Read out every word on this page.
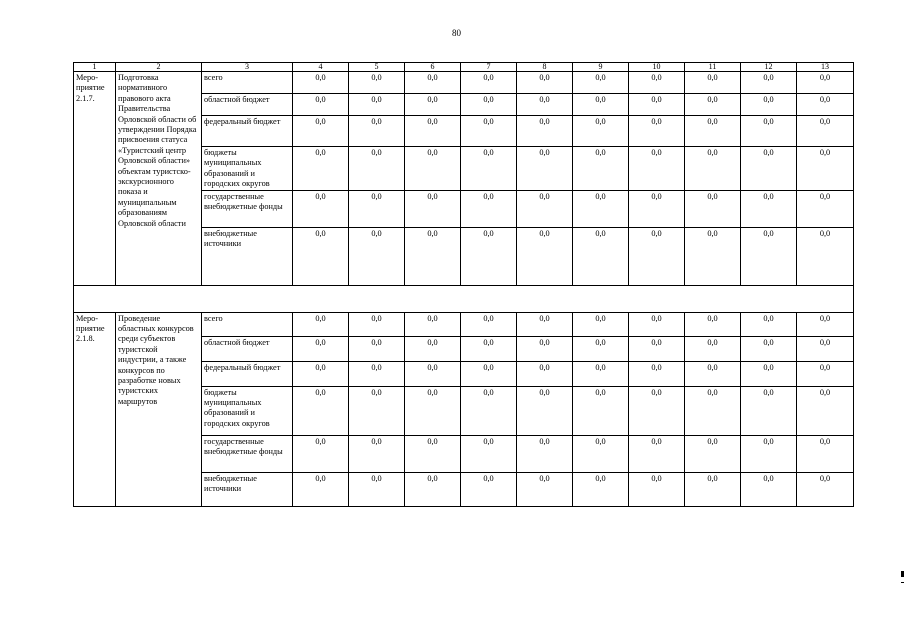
80
1	2	3	4	5	6	7	8	9	10	11	12	13
Меро-приятие 2.1.7.	Подготовка нормативного правового акта Правительства Орловской области об утверждении Порядка присвоения статуса «Туристский центр Орловской области» объектам туристско-экскурсионного показа и муниципальным образованиям Орловской области	всего	0,0	0,0	0,0	0,0	0,0	0,0	0,0	0,0	0,0	0,0
		областной бюджет	0,0	0,0	0,0	0,0	0,0	0,0	0,0	0,0	0,0	0,0
		федеральный бюджет	0,0	0,0	0,0	0,0	0,0	0,0	0,0	0,0	0,0	0,0
		бюджеты муниципальных образований и городских округов	0,0	0,0	0,0	0,0	0,0	0,0	0,0	0,0	0,0	0,0
		государственные внебюджетные фонды	0,0	0,0	0,0	0,0	0,0	0,0	0,0	0,0	0,0	0,0
		внебюджетные источники	0,0	0,0	0,0	0,0	0,0	0,0	0,0	0,0	0,0	0,0

Меро-приятие 2.1.8.	Проведение областных конкурсов среди субъектов туристской индустрии, а также конкурсов по разработке новых туристских маршрутов	всего	0,0	0,0	0,0	0,0	0,0	0,0	0,0	0,0	0,0	0,0
		областной бюджет	0,0	0,0	0,0	0,0	0,0	0,0	0,0	0,0	0,0	0,0
		федеральный бюджет	0,0	0,0	0,0	0,0	0,0	0,0	0,0	0,0	0,0	0,0
		бюджеты муниципальных образований и городских округов	0,0	0,0	0,0	0,0	0,0	0,0	0,0	0,0	0,0	0,0
		государственные внебюджетные фонды	0,0	0,0	0,0	0,0	0,0	0,0	0,0	0,0	0,0	0,0
		внебюджетные источники	0,0	0,0	0,0	0,0	0,0	0,0	0,0	0,0	0,0	0,0
